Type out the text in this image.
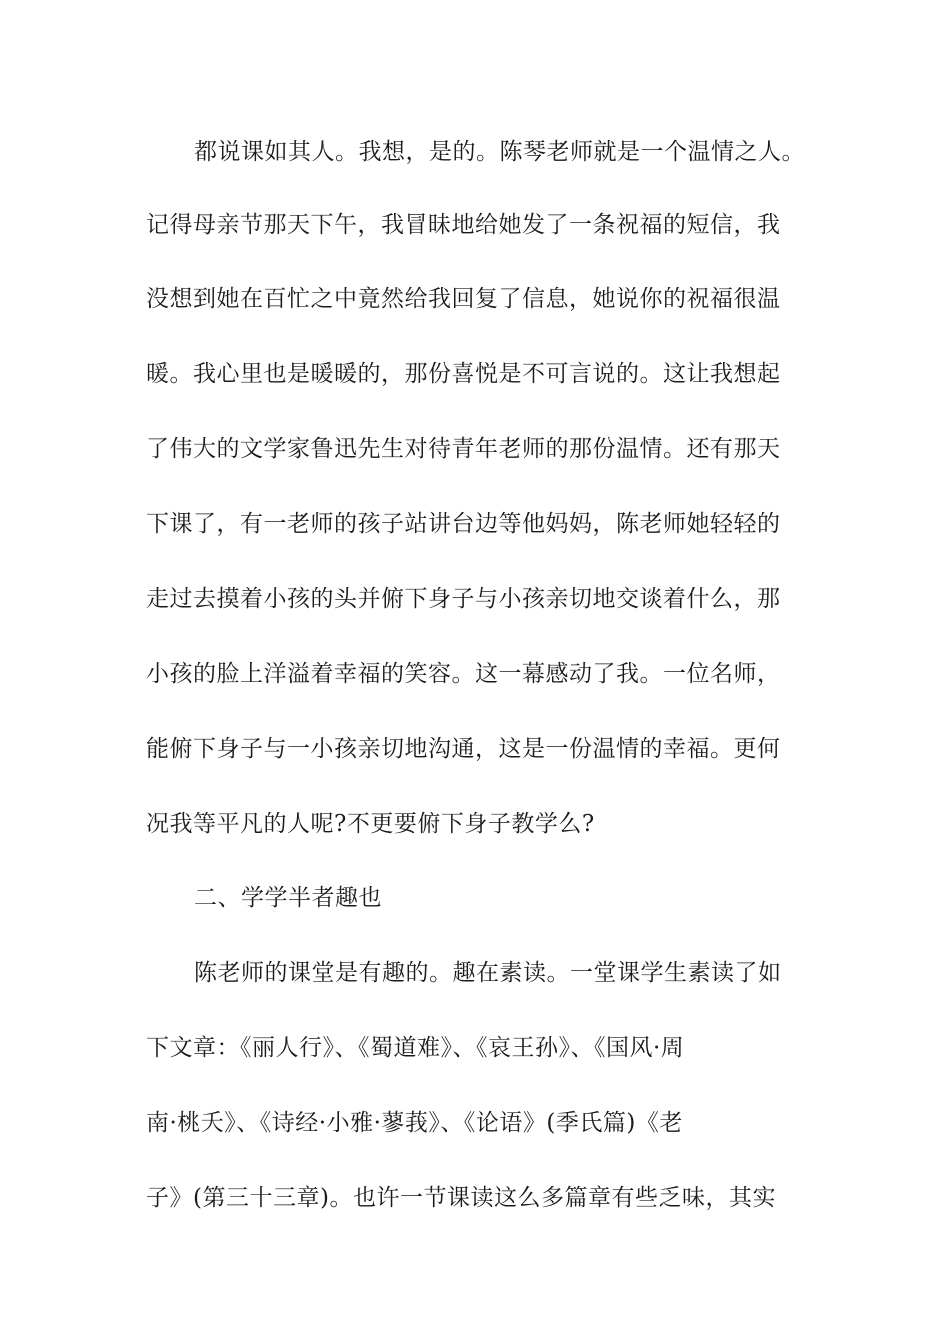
都说课如其人。我想，是的。陈琴老师就是一个温情之人。
记得母亲节那天下午，我冒昧地给她发了一条祝福的短信，我
没想到她在百忙之中竟然给我回复了信息，她说你的祝福很温
暖。我心里也是暖暖的，那份喜悦是不可言说的。这让我想起
了伟大的文学家鲁迅先生对待青年老师的那份温情。还有那天
下课了，有一老师的孩子站讲台边等他妈妈，陈老师她轻轻的
走过去摸着小孩的头并俯下身子与小孩亲切地交谈着什么，那
小孩的脸上洋溢着幸福的笑容。这一幕感动了我。一位名师，
能俯下身子与一小孩亲切地沟通，这是一份温情的幸福。更何
况我等平凡的人呢?不更要俯下身子教学么?
二、学学半者趣也
陈老师的课堂是有趣的。趣在素读。一堂课学生素读了如
下文章：《丽人行》、《蜀道难》、《哀王孙》、《国风·周
南·桃夭》、《诗经·小雅·蓼莪》、《论语》(季氏篇)《老
子》(第三十三章)。也许一节课读这么多篇章有些乏味，其实
